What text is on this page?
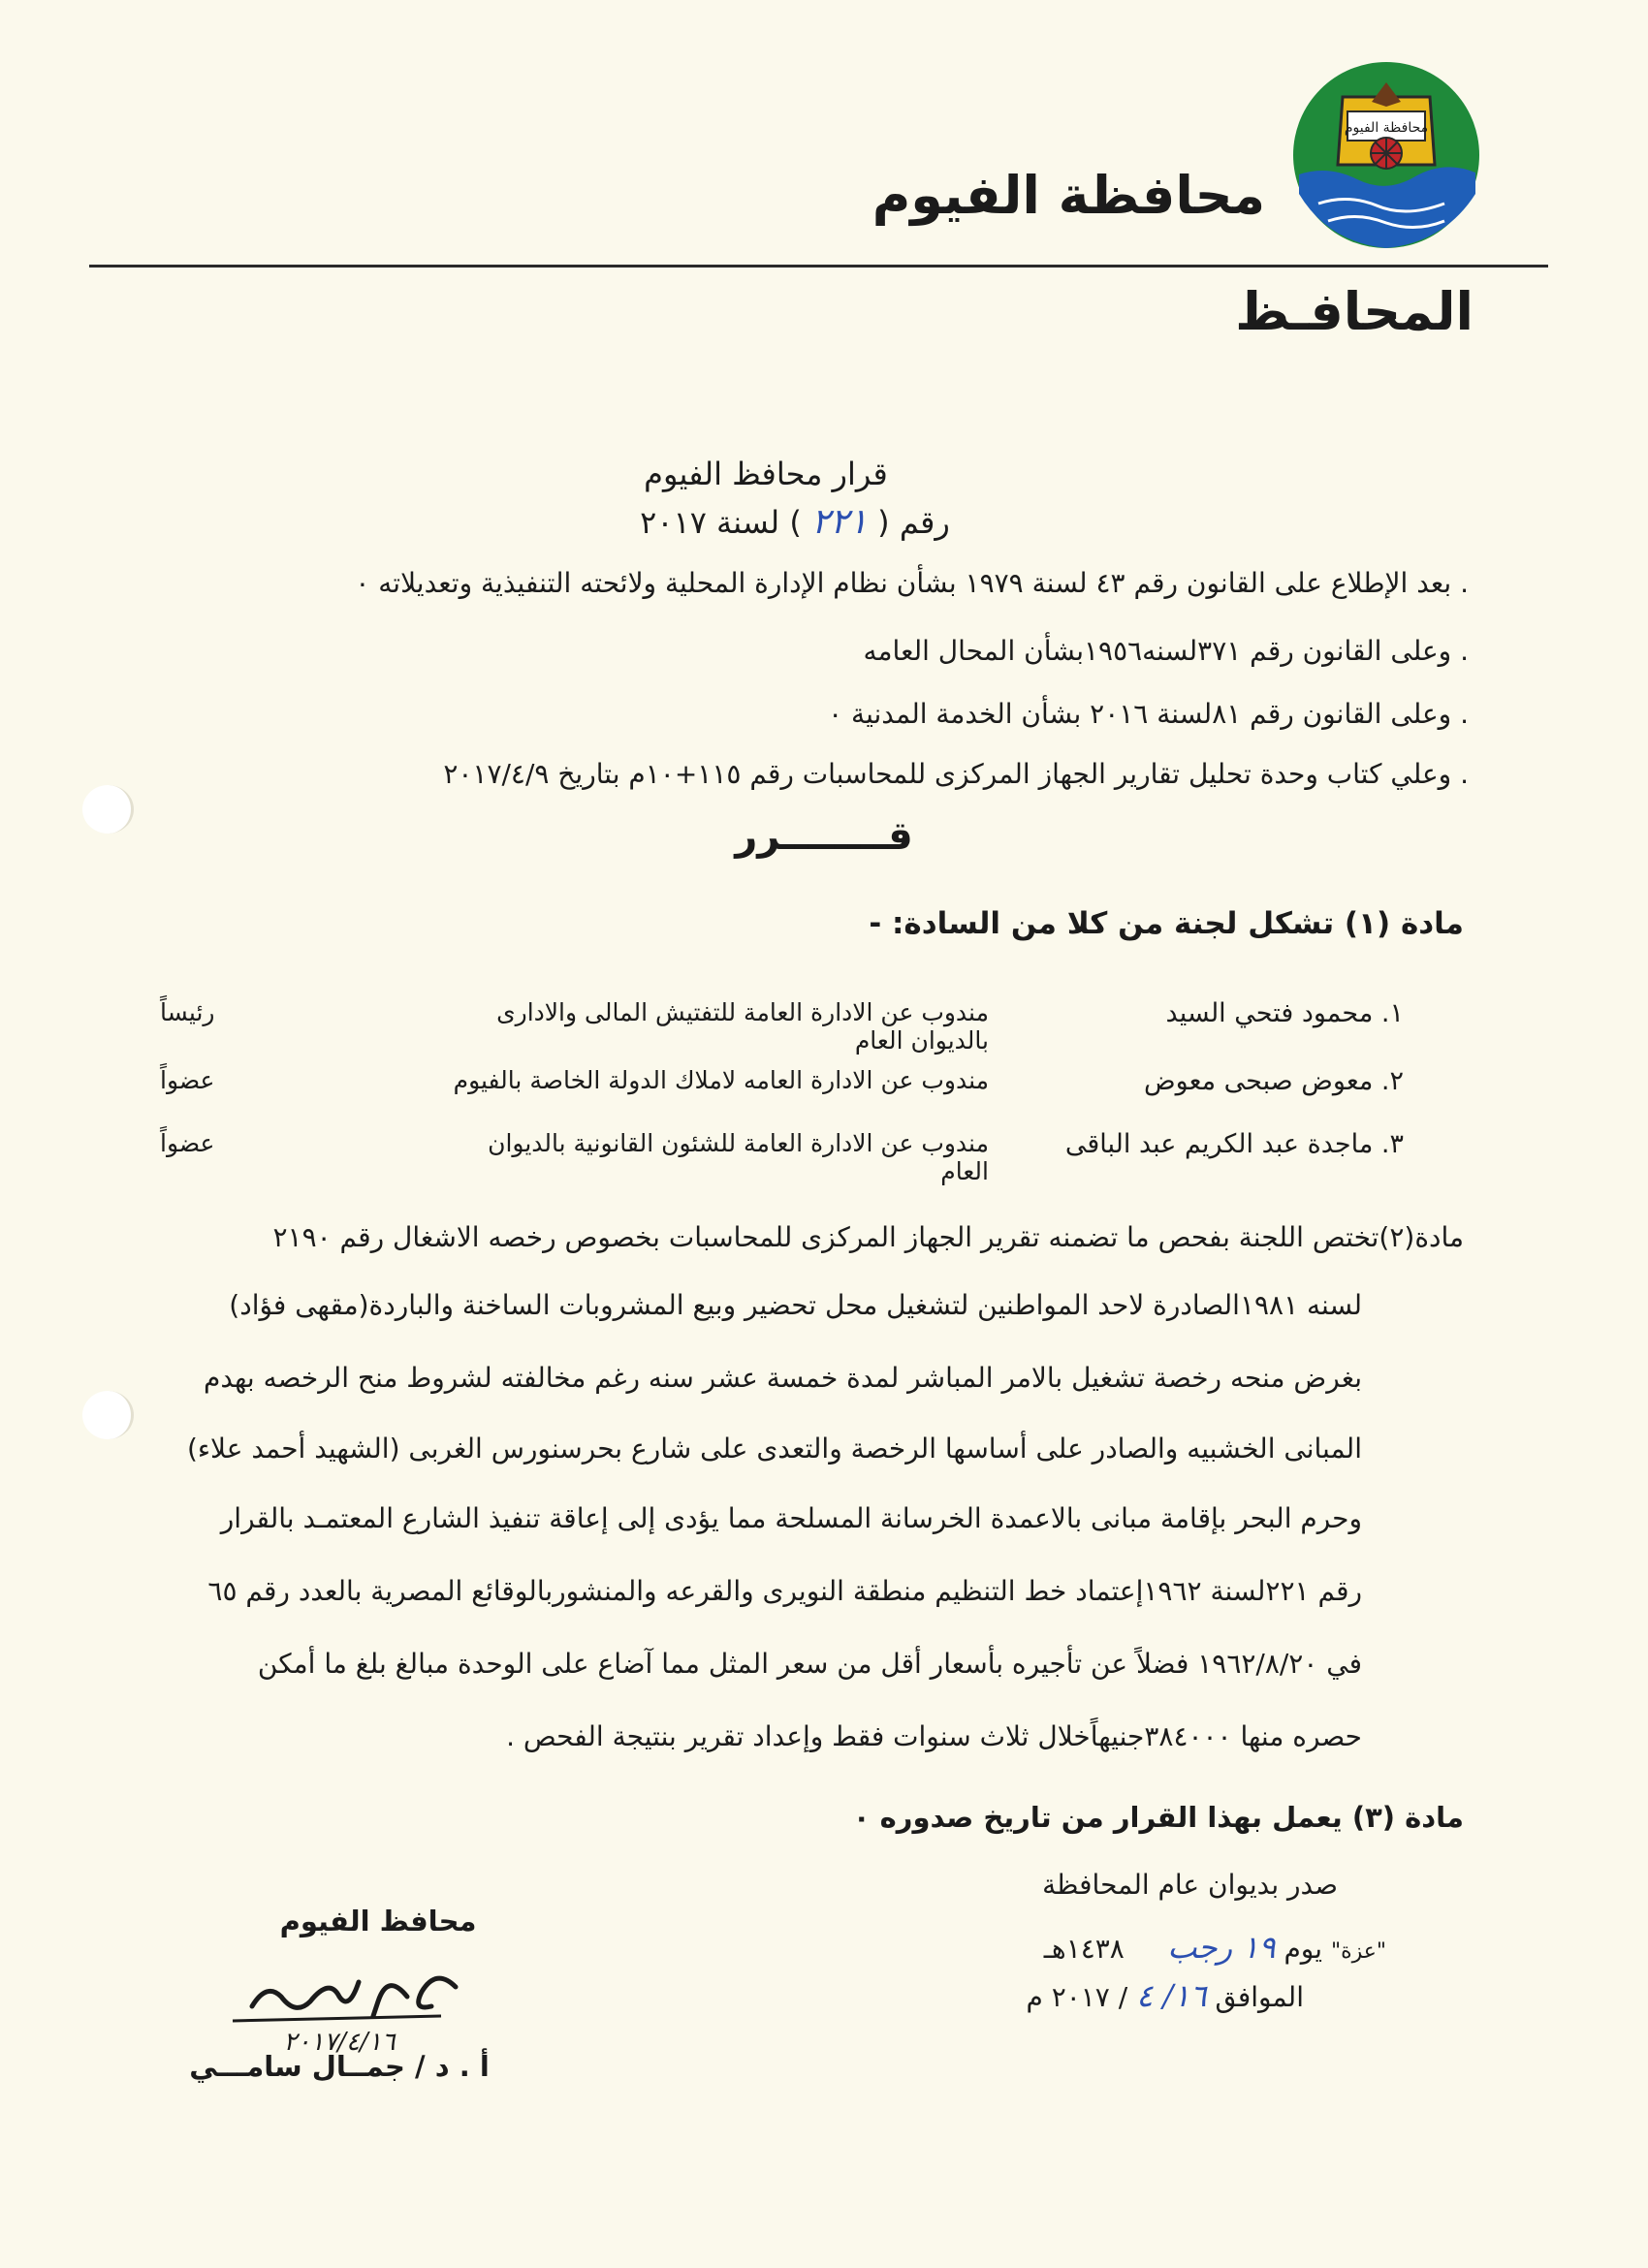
محافظة الفيوم
محافظة الفيوم
المحافـظ
قرار محافظ الفيوم
رقم ( ٢٢١ ) لسنة ٢٠١٧
. بعد الإطلاع على القانون رقم ٤٣ لسنة ١٩٧٩ بشأن نظام الإدارة المحلية ولائحته التنفيذية وتعديلاته ٠
. وعلى القانون رقم ٣٧١لسنه١٩٥٦بشأن المحال العامه
. وعلى القانون رقم ٨١لسنة ٢٠١٦ بشأن الخدمة المدنية ٠
. وعلي كتاب وحدة تحليل تقارير الجهاز المركزى للمحاسبات رقم ١١٥+١٠م بتاريخ ٢٠١٧/٤/٩
قــــــــرر
مادة (١) تشكل لجنة من كلا من السادة: -
١. محمود فتحي السيد
مندوب عن الادارة العامة للتفتيش المالى والادارى بالديوان العام
رئيساً
٢. معوض صبحى معوض
مندوب عن الادارة العامه لاملاك الدولة الخاصة بالفيوم
عضواً
٣. ماجدة عبد الكريم عبد الباقى
مندوب عن الادارة العامة للشئون القانونية بالديوان العام
عضواً
مادة(٢)تختص اللجنة بفحص ما تضمنه تقرير الجهاز المركزى للمحاسبات بخصوص رخصه الاشغال رقم ٢١٩٠
لسنه ١٩٨١الصادرة لاحد المواطنين لتشغيل محل تحضير وبيع المشروبات الساخنة والباردة(مقهى فؤاد)
بغرض منحه رخصة تشغيل بالامر المباشر لمدة خمسة عشر سنه رغم مخالفته لشروط منح الرخصه بهدم
المبانى الخشبيه والصادر على أساسها الرخصة والتعدى على شارع بحرسنورس الغربى (الشهيد أحمد علاء)
وحرم البحر بإقامة مبانى بالاعمدة الخرسانة المسلحة مما يؤدى إلى إعاقة تنفيذ الشارع المعتمـد بالقرار
رقم ٢٢١لسنة ١٩٦٢إعتماد خط التنظيم منطقة النويرى والقرعه والمنشوربالوقائع المصرية بالعدد رقم ٦٥
في ١٩٦٢/٨/٢٠ فضلاً عن تأجيره بأسعار أقل من سعر المثل مما آضاع على الوحدة مبالغ بلغ ما أمكن
حصره منها ٣٨٤٠٠٠جنيهاًخلال ثلاث سنوات فقط وإعداد تقرير بنتيجة الفحص .
مادة (٣) يعمل بهذا القرار من تاريخ صدوره ٠
صدر بديوان عام المحافظة
"عزة" يوم ١٩ رجب     ١٤٣٨هـ
الموافق ١٦/ ٤ / ٢٠١٧ م
محافظ الفيوم
٢٠١٧/٤/١٦
أ . د / جمــال سامـــي
